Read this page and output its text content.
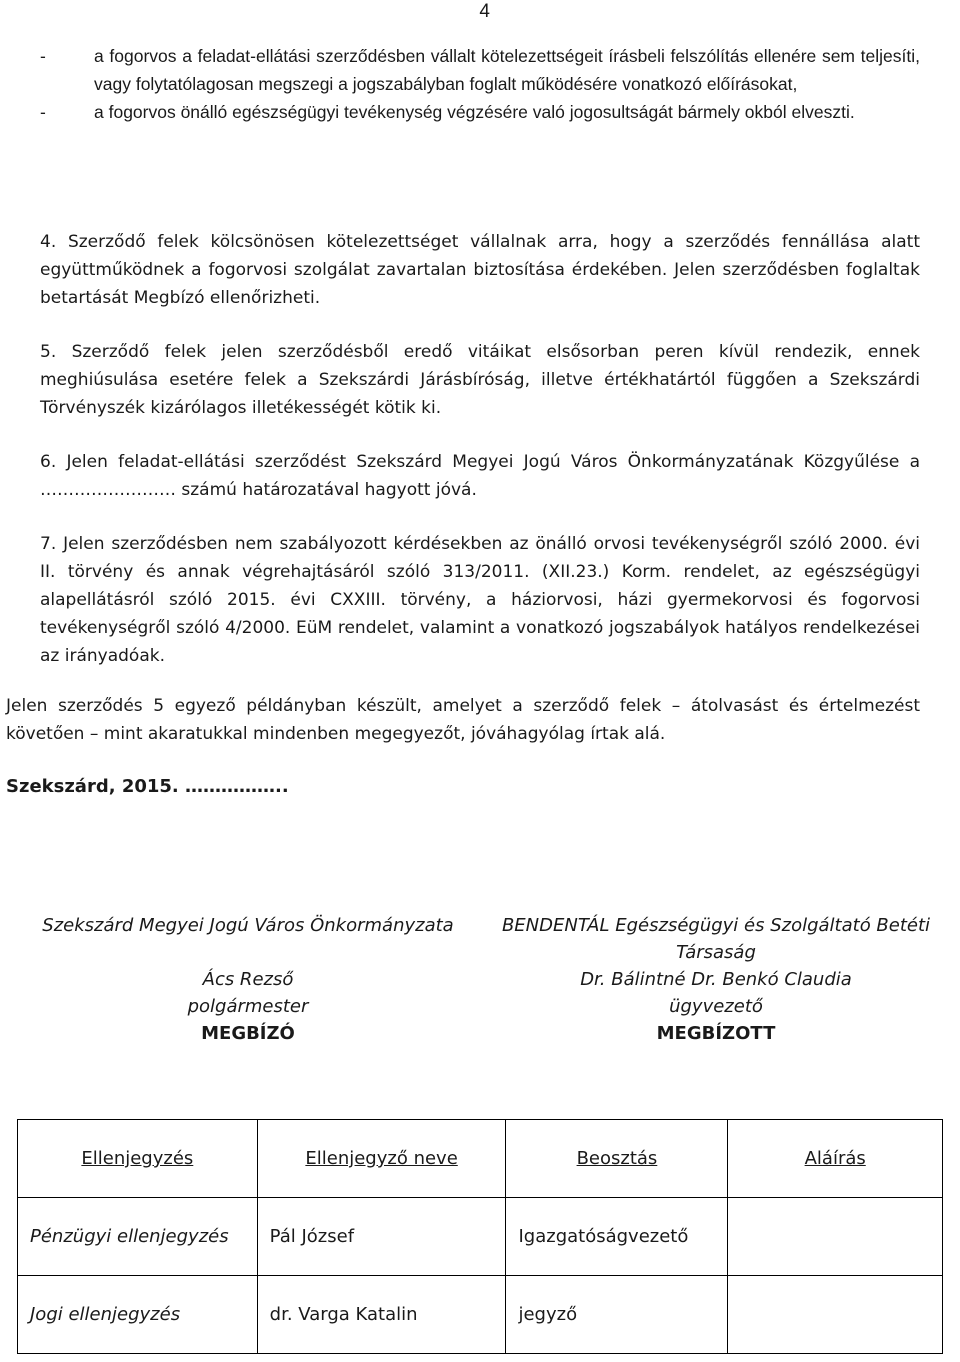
4
-	a fogorvos a feladat-ellátási szerződésben vállalt kötelezettségeit írásbeli felszólítás ellenére sem teljesíti, vagy folytatólagosan megszegi a jogszabályban foglalt működésére vonatkozó előírásokat,
-	a fogorvos önálló egészségügyi tevékenység végzésére való jogosultságát bármely okból elveszti.
4. Szerződő felek kölcsönösen kötelezettséget vállalnak arra, hogy a szerződés fennállása alatt együttműködnek a fogorvosi szolgálat zavartalan biztosítása érdekében. Jelen szerződésben foglaltak betartását Megbízó ellenőrizheti.
5. Szerződő felek jelen szerződésből eredő vitáikat elsősorban peren kívül rendezik, ennek meghiúsulása esetére felek a Szekszárdi Járásbíróság, illetve értékhatártól függően a Szekszárdi Törvényszék kizárólagos illetékességét kötik ki.
6. Jelen feladat-ellátási szerződést Szekszárd Megyei Jogú Város Önkormányzatának Közgyűlése a …………………… számú határozatával hagyott jóvá.
7. Jelen szerződésben nem szabályozott kérdésekben az önálló orvosi tevékenységről szóló 2000. évi II. törvény és annak végrehajtásáról szóló 313/2011. (XII.23.) Korm. rendelet, az egészségügyi alapellátásról szóló 2015. évi CXXIII. törvény, a háziorvosi, házi gyermekorvosi és fogorvosi tevékenységről szóló 4/2000. EüM rendelet, valamint a vonatkozó jogszabályok hatályos rendelkezései az irányadóak.
Jelen szerződés 5 egyező példányban készült, amelyet a szerződő felek – átolvasást és értelmezést követően – mint akaratukkal mindenben megegyezőt, jóváhagyólag írtak alá.
Szekszárd, 2015. ……………..
Szekszárd Megyei Jogú Város Önkormányzata
Ács Rezső
polgármester
MEGBÍZÓ
BENDENTÁL Egészségügyi és Szolgáltató Betéti Társaság
Dr. Bálintné Dr. Benkó Claudia
ügyvezető
MEGBÍZOTT
Ellenjegyzés	Ellenjegyző neve	Beosztás	Aláírás
Pénzügyi ellenjegyzés	Pál József	Igazgatóságvezető	
Jogi ellenjegyzés	dr. Varga Katalin	jegyző	
